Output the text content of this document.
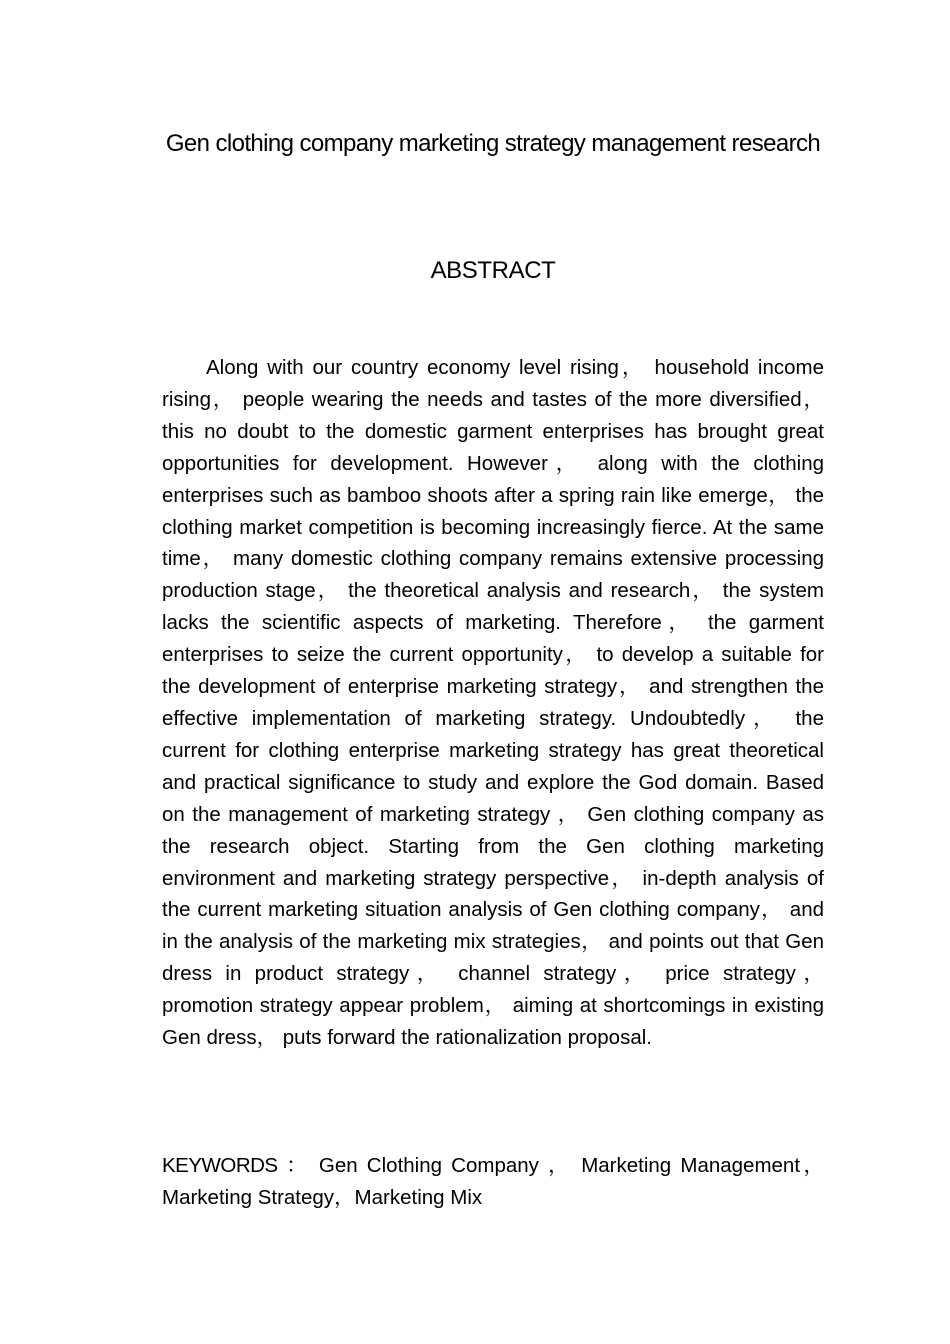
Gen clothing company marketing strategy management research
ABSTRACT

Along with our country economy level rising， household income rising， people wearing the needs and tastes of the more diversified， this no doubt to the domestic garment enterprises has brought great opportunities for development. However， along with the clothing enterprises such as bamboo shoots after a spring rain like emerge， the clothing market competition is becoming increasingly fierce. At the same time， many domestic clothing company remains extensive processing production stage， the theoretical analysis and research， the system lacks the scientific aspects of marketing. Therefore， the garment enterprises to seize the current opportunity， to develop a suitable for the development of enterprise marketing strategy， and strengthen the effective implementation of marketing strategy. Undoubtedly， the current for clothing enterprise marketing strategy has great theoretical and practical significance to study and explore the God domain. Based on the management of marketing strategy ， Gen clothing company as the research object. Starting from the Gen clothing marketing environment and marketing strategy perspective， in-depth analysis of the current marketing situation analysis of Gen clothing company， and in the analysis of the marketing mix strategies， and points out that Gen dress in product strategy， channel strategy， price strategy， promotion strategy appear problem， aiming at shortcomings in existing Gen dress， puts forward the rationalization proposal.

KEYWORDS ： Gen Clothing Company ， Marketing Management，Marketing Strategy，Marketing Mix
